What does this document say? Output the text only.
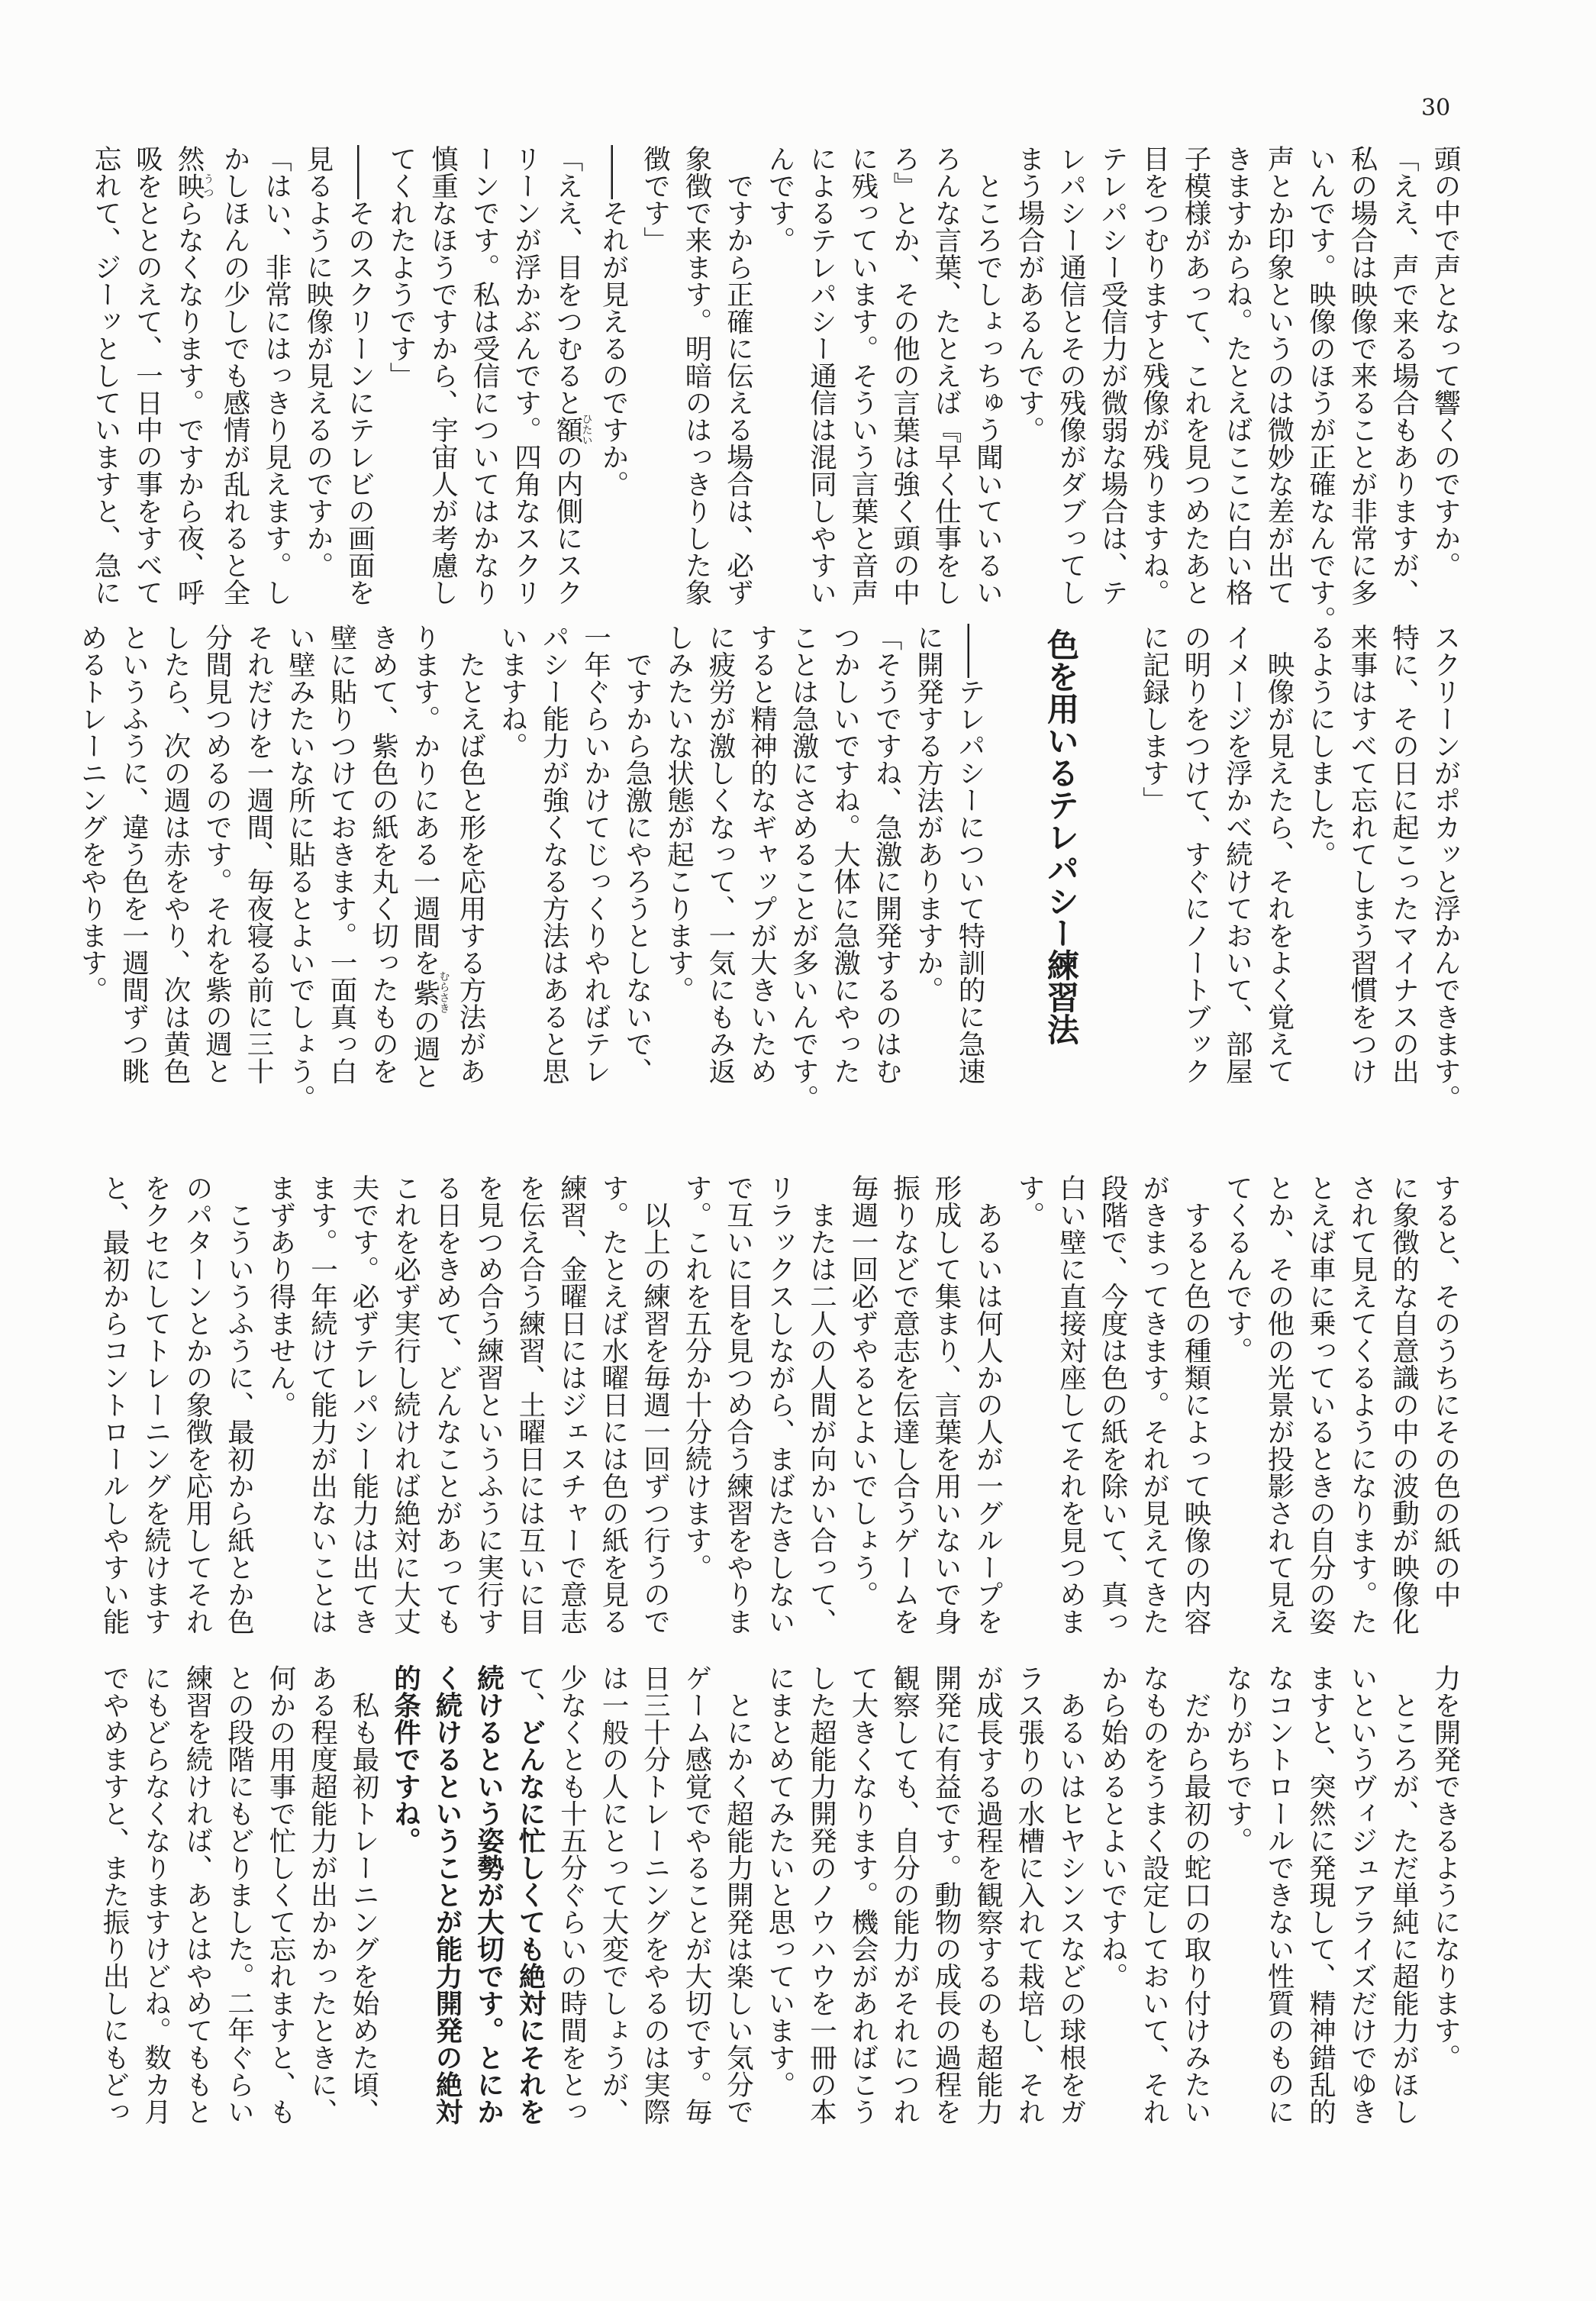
30
頭の中で声となって響くのですか。
「ええ、声で来る場合もありますが、
私の場合は映像で来ることが非常に多
いんです。映像のほうが正確なんです。
声とか印象というのは微妙な差が出て
きますからね。たとえばここに白い格
子模様があって、これを見つめたあと
目をつむりますと残像が残りますね。
テレパシー受信力が微弱な場合は、テ
レパシー通信とその残像がダブってし
まう場合があるんです。
　ところでしょっちゅう聞いているい
ろんな言葉、たとえば『早く仕事をし
ろ』とか、その他の言葉は強く頭の中
に残っています。そういう言葉と音声
によるテレパシー通信は混同しやすい
んです。
　ですから正確に伝える場合は、必ず
象徴で来ます。明暗のはっきりした象
徴です」
――それが見えるのですか。
「ええ、目をつむると額ひたいの内側にスク
リーンが浮かぶんです。四角なスクリ
ーンです。私は受信についてはかなり
慎重なほうですから、宇宙人が考慮し
てくれたようです」
――そのスクリーンにテレビの画面を
見るように映像が見えるのですか。
「はい、非常にはっきり見えます。し
かしほんの少しでも感情が乱れると全
然映うつらなくなります。ですから夜、呼
吸をととのえて、一日中の事をすべて
忘れて、ジーッとしていますと、急に
スクリーンがポカッと浮かんできます。
特に、その日に起こったマイナスの出
来事はすべて忘れてしまう習慣をつけ
るようにしました。
　映像が見えたら、それをよく覚えて
イメージを浮かべ続けておいて、部屋
の明りをつけて、すぐにノートブック
に記録します」
色を用いるテレパシー練習法
――テレパシーについて特訓的に急速
に開発する方法がありますか。
「そうですね、急激に開発するのはむ
つかしいですね。大体に急激にやった
ことは急激にさめることが多いんです。
すると精神的なギャップが大きいため
に疲労が激しくなって、一気にもみ返
しみたいな状態が起こります。
　ですから急激にやろうとしないで、
一年ぐらいかけてじっくりやればテレ
パシー能力が強くなる方法はあると思
いますね。
　たとえば色と形を応用する方法があ
ります。かりにある一週間を紫むらさきの週と
きめて、紫色の紙を丸く切ったものを
壁に貼りつけておきます。一面真っ白
い壁みたいな所に貼るとよいでしょう。
それだけを一週間、毎夜寝る前に三十
分間見つめるのです。それを紫の週と
したら、次の週は赤をやり、次は黄色
というふうに、違う色を一週間ずつ眺
めるトレーニングをやります。
すると、そのうちにその色の紙の中
に象徴的な自意識の中の波動が映像化
されて見えてくるようになります。た
とえば車に乗っているときの自分の姿
とか、その他の光景が投影されて見え
てくるんです。
　すると色の種類によって映像の内容
がきまってきます。それが見えてきた
段階で、今度は色の紙を除いて、真っ
白い壁に直接対座してそれを見つめま
す。
　あるいは何人かの人が一グループを
形成して集まり、言葉を用いないで身
振りなどで意志を伝達し合うゲームを
毎週一回必ずやるとよいでしょう。
　または二人の人間が向かい合って、
リラックスしながら、まばたきしない
で互いに目を見つめ合う練習をやりま
す。これを五分か十分続けます。
　以上の練習を毎週一回ずつ行うので
す。たとえば水曜日には色の紙を見る
練習、金曜日にはジェスチャーで意志
を伝え合う練習、土曜日には互いに目
を見つめ合う練習というふうに実行す
る日をきめて、どんなことがあっても
これを必ず実行し続ければ絶対に大丈
夫です。必ずテレパシー能力は出てき
ます。一年続けて能力が出ないことは
まずあり得ません。
　こういうふうに、最初から紙とか色
のパターンとかの象徴を応用してそれ
をクセにしてトレーニングを続けます
と、最初からコントロールしやすい能
力を開発できるようになります。
　ところが、ただ単純に超能力がほし
いというヴィジュアライズだけでゆき
ますと、突然に発現して、精神錯乱的
なコントロールできない性質のものに
なりがちです。
　だから最初の蛇口の取り付けみたい
なものをうまく設定しておいて、それ
から始めるとよいですね。
　あるいはヒヤシンスなどの球根をガ
ラス張りの水槽に入れて栽培し、それ
が成長する過程を観察するのも超能力
開発に有益です。動物の成長の過程を
観察しても、自分の能力がそれにつれ
て大きくなります。機会があればこう
した超能力開発のノウハウを一冊の本
にまとめてみたいと思っています。
　とにかく超能力開発は楽しい気分で
ゲーム感覚でやることが大切です。毎
日三十分トレーニングをやるのは実際
は一般の人にとって大変でしょうが、
少なくとも十五分ぐらいの時間をとっ
て、どんなに忙しくても絶対にそれを
続けるという姿勢が大切です。とにか
く続けるということが能力開発の絶対
的条件ですね。
　私も最初トレーニングを始めた頃、
ある程度超能力が出かかったときに、
何かの用事で忙しくて忘れますと、も
との段階にもどりました。二年ぐらい
練習を続ければ、あとはやめてももと
にもどらなくなりますけどね。数カ月
でやめますと、また振り出しにもどっ
